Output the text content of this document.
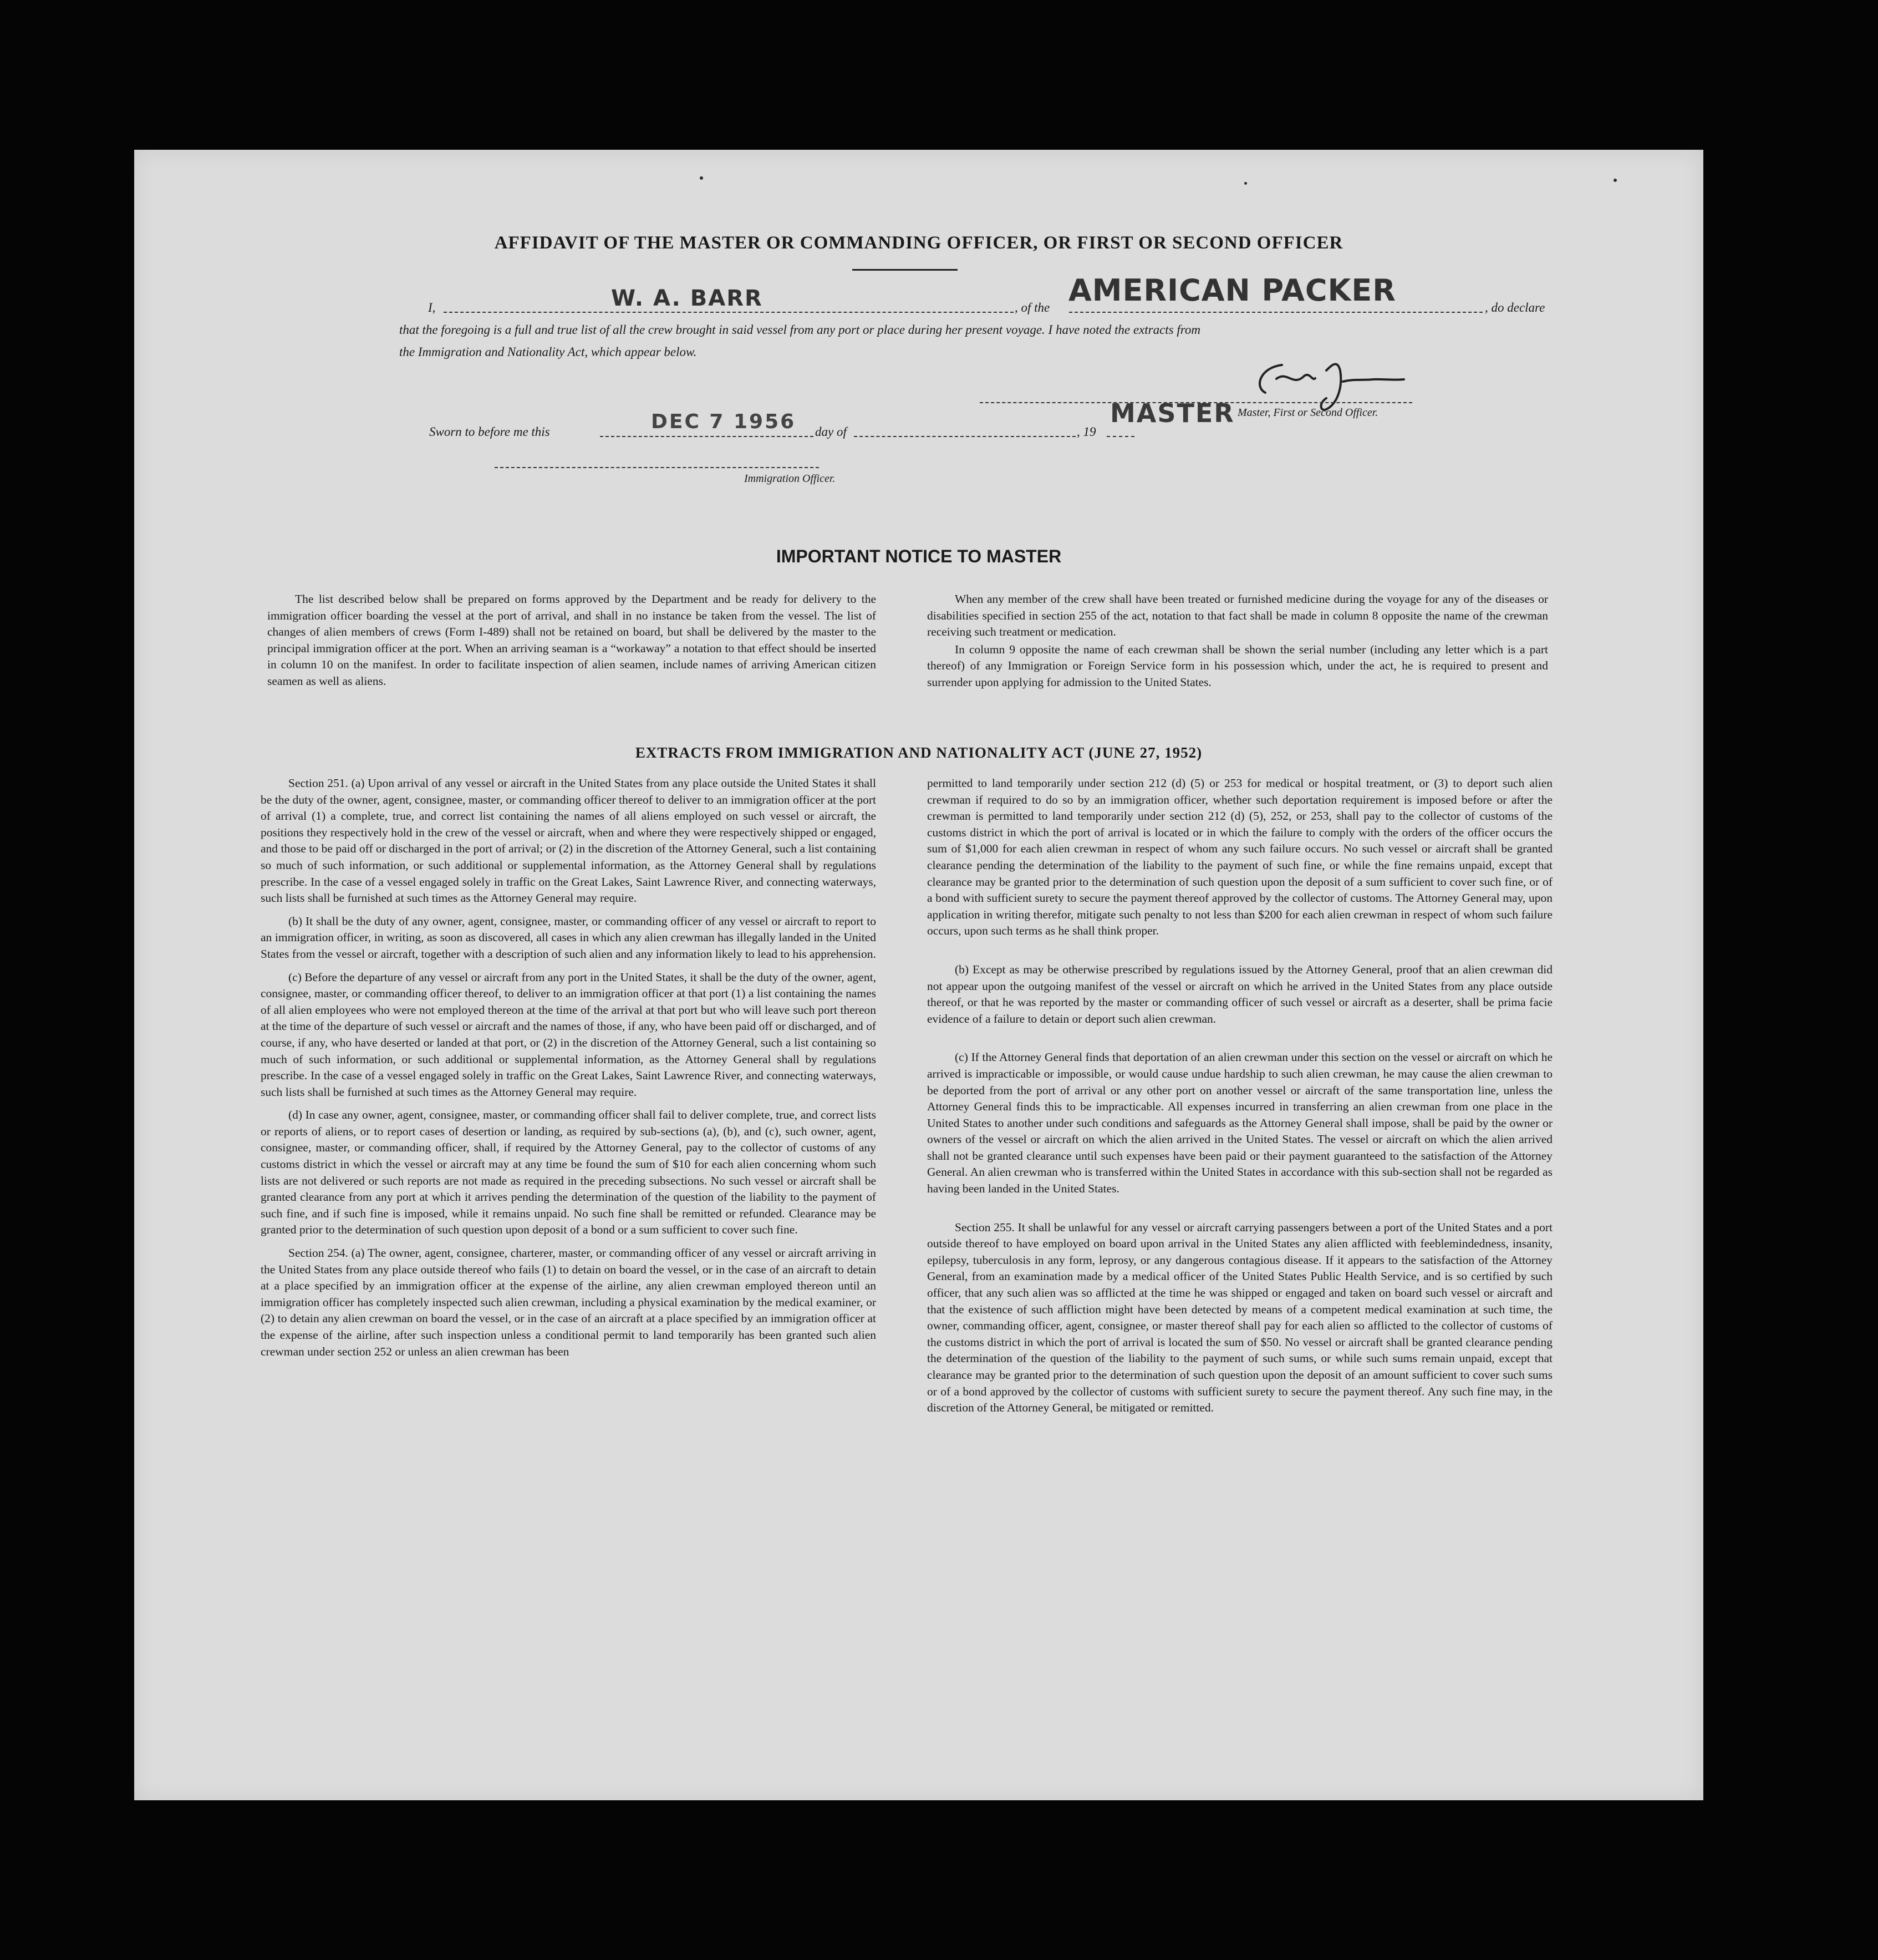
AFFIDAVIT OF THE MASTER OR COMMANDING OFFICER, OR FIRST OR SECOND OFFICER
I,	W. A. BARR	, of the AMERICAN PACKER	, do declare
that the foregoing is a full and true list of all the crew brought in said vessel from any port or place during her present voyage. I have noted the extracts from
the Immigration and Nationality Act, which appear below.
MASTER Master, First or Second Officer.
Sworn to before me this	DEC 7 1956 day of	, 19
Immigration Officer.
IMPORTANT NOTICE TO MASTER

The list described below shall be prepared on forms approved by the Department and be ready for delivery to the immigration officer boarding the vessel at the port of arrival, and shall in no instance be taken from the vessel. The list of changes of alien members of crews (Form I-489) shall not be retained on board, but shall be delivered by the master to the principal immigration officer at the port. When an arriving seaman is a “workaway” a notation to that effect should be inserted in column 10 on the manifest. In order to facilitate inspection of alien seamen, include names of arriving American citizen seamen as well as aliens.

When any member of the crew shall have been treated or furnished medicine during the voyage for any of the diseases or disabilities specified in section 255 of the act, notation to that fact shall be made in column 8 opposite the name of the crewman receiving such treatment or medication.

In column 9 opposite the name of each crewman shall be shown the serial number (including any letter which is a part thereof) of any Immigration or Foreign Service form in his possession which, under the act, he is required to present and surrender upon applying for admission to the United States.

EXTRACTS FROM IMMIGRATION AND NATIONALITY ACT (JUNE 27, 1952)

Section 251. (a) Upon arrival of any vessel or aircraft in the United States from any place outside the United States it shall be the duty of the owner, agent, consignee, master, or commanding officer thereof to deliver to an immigration officer at the port of arrival (1) a complete, true, and correct list containing the names of all aliens employed on such vessel or aircraft, the positions they respectively hold in the crew of the vessel or aircraft, when and where they were respectively shipped or engaged, and those to be paid off or discharged in the port of arrival; or (2) in the discretion of the Attorney General, such a list containing so much of such information, or such additional or supplemental information, as the Attorney General shall by regulations prescribe. In the case of a vessel engaged solely in traffic on the Great Lakes, Saint Lawrence River, and connecting waterways, such lists shall be furnished at such times as the Attorney General may require.

(b) It shall be the duty of any owner, agent, consignee, master, or commanding officer of any vessel or aircraft to report to an immigration officer, in writing, as soon as discovered, all cases in which any alien crewman has illegally landed in the United States from the vessel or aircraft, together with a description of such alien and any information likely to lead to his apprehension.

(c) Before the departure of any vessel or aircraft from any port in the United States, it shall be the duty of the owner, agent, consignee, master, or commanding officer thereof, to deliver to an immigration officer at that port (1) a list containing the names of all alien employees who were not employed thereon at the time of the arrival at that port but who will leave such port thereon at the time of the departure of such vessel or aircraft and the names of those, if any, who have been paid off or discharged, and of course, if any, who have deserted or landed at that port, or (2) in the discretion of the Attorney General, such a list containing so much of such information, or such additional or supplemental information, as the Attorney General shall by regulations prescribe. In the case of a vessel engaged solely in traffic on the Great Lakes, Saint Lawrence River, and connecting waterways, such lists shall be furnished at such times as the Attorney General may require.

(d) In case any owner, agent, consignee, master, or commanding officer shall fail to deliver complete, true, and correct lists or reports of aliens, or to report cases of desertion or landing, as required by sub-sections (a), (b), and (c), such owner, agent, consignee, master, or commanding officer, shall, if required by the Attorney General, pay to the collector of customs of any customs district in which the vessel or aircraft may at any time be found the sum of $10 for each alien concerning whom such lists are not delivered or such reports are not made as required in the preceding subsections. No such vessel or aircraft shall be granted clearance from any port at which it arrives pending the determination of the question of the liability to the payment of such fine, and if such fine is imposed, while it remains unpaid. No such fine shall be remitted or refunded. Clearance may be granted prior to the determination of such question upon deposit of a bond or a sum sufficient to cover such fine.

Section 254. (a) The owner, agent, consignee, charterer, master, or commanding officer of any vessel or aircraft arriving in the United States from any place outside thereof who fails (1) to detain on board the vessel, or in the case of an aircraft to detain at a place specified by an immigration officer at the expense of the airline, any alien crewman employed thereon until an immigration officer has completely inspected such alien crewman, including a physical examination by the medical examiner, or (2) to detain any alien crewman on board the vessel, or in the case of an aircraft at a place specified by an immigration officer at the expense of the airline, after such inspection unless a conditional permit to land temporarily has been granted such alien crewman under section 252 or unless an alien crewman has been

permitted to land temporarily under section 212 (d) (5) or 253 for medical or hospital treatment, or (3) to deport such alien crewman if required to do so by an immigration officer, whether such deportation requirement is imposed before or after the crewman is permitted to land temporarily under section 212 (d) (5), 252, or 253, shall pay to the collector of customs of the customs district in which the port of arrival is located or in which the failure to comply with the orders of the officer occurs the sum of $1,000 for each alien crewman in respect of whom any such failure occurs. No such vessel or aircraft shall be granted clearance pending the determination of the liability to the payment of such fine, or while the fine remains unpaid, except that clearance may be granted prior to the determination of such question upon the deposit of a sum sufficient to cover such fine, or of a bond with sufficient surety to secure the payment thereof approved by the collector of customs. The Attorney General may, upon application in writing therefor, mitigate such penalty to not less than $200 for each alien crewman in respect of whom such failure occurs, upon such terms as he shall think proper.

(b) Except as may be otherwise prescribed by regulations issued by the Attorney General, proof that an alien crewman did not appear upon the outgoing manifest of the vessel or aircraft on which he arrived in the United States from any place outside thereof, or that he was reported by the master or commanding officer of such vessel or aircraft as a deserter, shall be prima facie evidence of a failure to detain or deport such alien crewman.

(c) If the Attorney General finds that deportation of an alien crewman under this section on the vessel or aircraft on which he arrived is impracticable or impossible, or would cause undue hardship to such alien crewman, he may cause the alien crewman to be deported from the port of arrival or any other port on another vessel or aircraft of the same transportation line, unless the Attorney General finds this to be impracticable. All expenses incurred in transferring an alien crewman from one place in the United States to another under such conditions and safeguards as the Attorney General shall impose, shall be paid by the owner or owners of the vessel or aircraft on which the alien arrived in the United States. The vessel or aircraft on which the alien arrived shall not be granted clearance until such expenses have been paid or their payment guaranteed to the satisfaction of the Attorney General. An alien crewman who is transferred within the United States in accordance with this sub-section shall not be regarded as having been landed in the United States.

Section 255. It shall be unlawful for any vessel or aircraft carrying passengers between a port of the United States and a port outside thereof to have employed on board upon arrival in the United States any alien afflicted with feeblemindedness, insanity, epilepsy, tuberculosis in any form, leprosy, or any dangerous contagious disease. If it appears to the satisfaction of the Attorney General, from an examination made by a medical officer of the United States Public Health Service, and is so certified by such officer, that any such alien was so afflicted at the time he was shipped or engaged and taken on board such vessel or aircraft and that the existence of such affliction might have been detected by means of a competent medical examination at such time, the owner, commanding officer, agent, consignee, or master thereof shall pay for each alien so afflicted to the collector of customs of the customs district in which the port of arrival is located the sum of $50. No vessel or aircraft shall be granted clearance pending the determination of the question of the liability to the payment of such sums, or while such sums remain unpaid, except that clearance may be granted prior to the determination of such question upon the deposit of an amount sufficient to cover such sums or of a bond approved by the collector of customs with sufficient surety to secure the payment thereof. Any such fine may, in the discretion of the Attorney General, be mitigated or remitted.
